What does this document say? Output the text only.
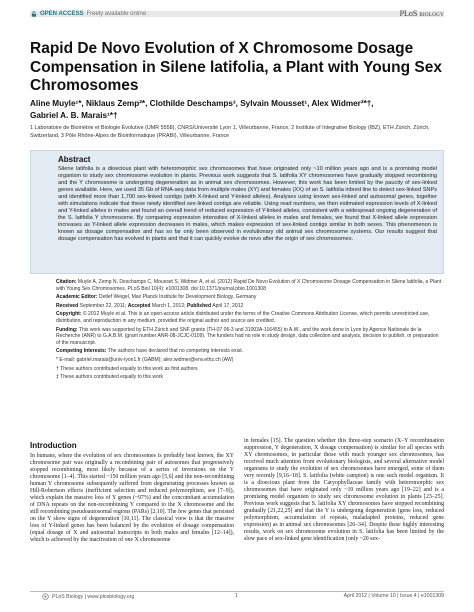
OPEN ACCESS Freely available online	PLoS BIOLOGY
Rapid De Novo Evolution of X Chromosome Dosage Compensation in Silene latifolia, a Plant with Young Sex Chromosomes
Aline Muyle¹*, Niklaus Zemp²*, Clothilde Deschamps³, Sylvain Mousset¹, Alex Widmer²*†,
Gabriel A. B. Marais¹*†
1 Laboratoire de Biométrie et Biologie Évolutive (UMR 5558), CNRS/Université Lyon 1, Villeurbanne, France, 2 Institute of Integrative Biology (IBZ), ETH Zürich, Zürich, Switzerland, 3 Pôle Rhône-Alpes de Bioinformatique (PRABI), Villeurbanne, France
Abstract
Silene latifolia is a dioecious plant with heteromorphic sex chromosomes that have originated only ~10 million years ago and is a promising model organism to study sex chromosome evolution in plants. Previous work suggests that S. latifolia XY chromosomes have gradually stopped recombining and the Y chromosome is undergoing degeneration as in animal sex chromosomes. However, this work has been limited by the paucity of sex-linked genes available. Here, we used 35 Gb of RNA-seq data from multiple males (XY) and females (XX) of an S. latifolia inbred line to detect sex-linked SNPs and identified more than 1,700 sex-linked contigs (with X-linked and Y-linked alleles). Analyses using known sex-linked and autosomal genes, together with simulations indicate that these newly identified sex-linked contigs are reliable. Using read numbers, we then estimated expression levels of X-linked and Y-linked alleles in males and found an overall trend of reduced expression of Y-linked alleles, consistent with a widespread ongoing degeneration of the S. latifolia Y chromosome. By comparing expression intensities of X-linked alleles in males and females, we found that X-linked allele expression increases as Y-linked allele expression decreases in males, which makes expression of sex-linked contigs similar in both sexes. This phenomenon is known as dosage compensation and has so far only been observed in evolutionary old animal sex chromosome systems. Our results suggest that dosage compensation has evolved in plants and that it can quickly evolve de novo after the origin of sex chromosomes.

Citation: Muyle A, Zemp N, Deschamps C, Mousset S, Widmer A, et al. (2012) Rapid De Novo Evolution of X Chromosome Dosage Compensation in Silene latifolia, a Plant with Young Sex Chromosomes. PLoS Biol 10(4): e1001308. doi:10.1371/journal.pbio.1001308

Academic Editor: Detlef Weigel, Max Planck Institute for Development Biology, Germany

Received September 22, 2011; Accepted March 1, 2012; Published April 17, 2012

Copyright: © 2012 Muyle et al. This is an open-access article distributed under the terms of the Creative Commons Attribution License, which permits unrestricted use, distribution, and reproduction in any medium, provided the original author and source are credited.

Funding: This work was supported by ETH Zürich and SNF grants (TH-07 06-3 and 31003A-116455) to A.W., and the work done in Lyon by Agence Nationale de la Recherche (ANR) to G.A.B.M. (grant number ANR-08-JCJC-0109). The funders had no role in study design, data collection and analysis, decision to publish, or preparation of the manuscript.

Competing Interests: The authors have declared that no competing interests exist.

* E-mail: gabriel.marais@univ-lyon1.fr (GABM); alex.widmer@env.ethz.ch (AW)

† These authors contributed equally to this work as first authors

‡ These authors contributed equally to this work

Introduction
In humans, where the evolution of sex chromosomes is probably best known, the XY chromosome pair was originally a recombining pair of autosomes that progressively stopped recombining, most likely because of a series of inversions on the Y chromosome [1–4]. This started ~150 million years ago [5,6] and the non-recombining human Y chromosome subsequently suffered from degenerating processes known as Hill-Robertson effects (inefficient selection and reduced polymorphism, see [7–9]), which explain the massive loss of Y genes (~97%) and the concomitant accumulation of DNA repeats on the non-recombining Y compared to the X chromosome and the still recombining pseudoautosomal regions (PARs) [2,10]. The few genes that persisted on the Y show signs of degeneration [10,11]. The classical view is that the massive loss of Y-linked genes has been balanced by the evolution of dosage compensation (equal dosage of X and autosomal transcripts in both males and females [12–14]), which is achieved by the inactivation of one X chromosome
in females [15]. The question whether this three-step scenario (X–Y recombination suppression, Y degeneration, X dosage compensation) is similar for all species with XY chromosomes, in particular those with much younger sex chromosomes, has received much attention from evolutionary biologists, and several alternative model organisms to study the evolution of sex chromosomes have emerged, some of them very recently [9,16–18]. S. latifolia (white campion) is one such model organism. It is a dioecious plant from the Caryophyllaceae family with heteromorphic sex chromosomes that have originated only ~10 million years ago [19–22] and is a promising model organism to study sex chromosome evolution in plants [23–25]. Previous work suggests that S. latifolia XY chromosomes have stopped recombining gradually [21,22,25] and that the Y is undergoing degeneration (gene loss, reduced polymorphism, accumulation of repeats, maladapted proteins, reduced gene expression) as in animal sex chromosomes [26–34]. Despite these highly interesting results, work on sex chromosome evolution in S. latifolia has been limited by the slow pace of sex-linked gene identification (only ~20 sex-
PLoS Biology | www.plosbiology.org	1	April 2012 | Volume 10 | Issue 4 | e1001308
